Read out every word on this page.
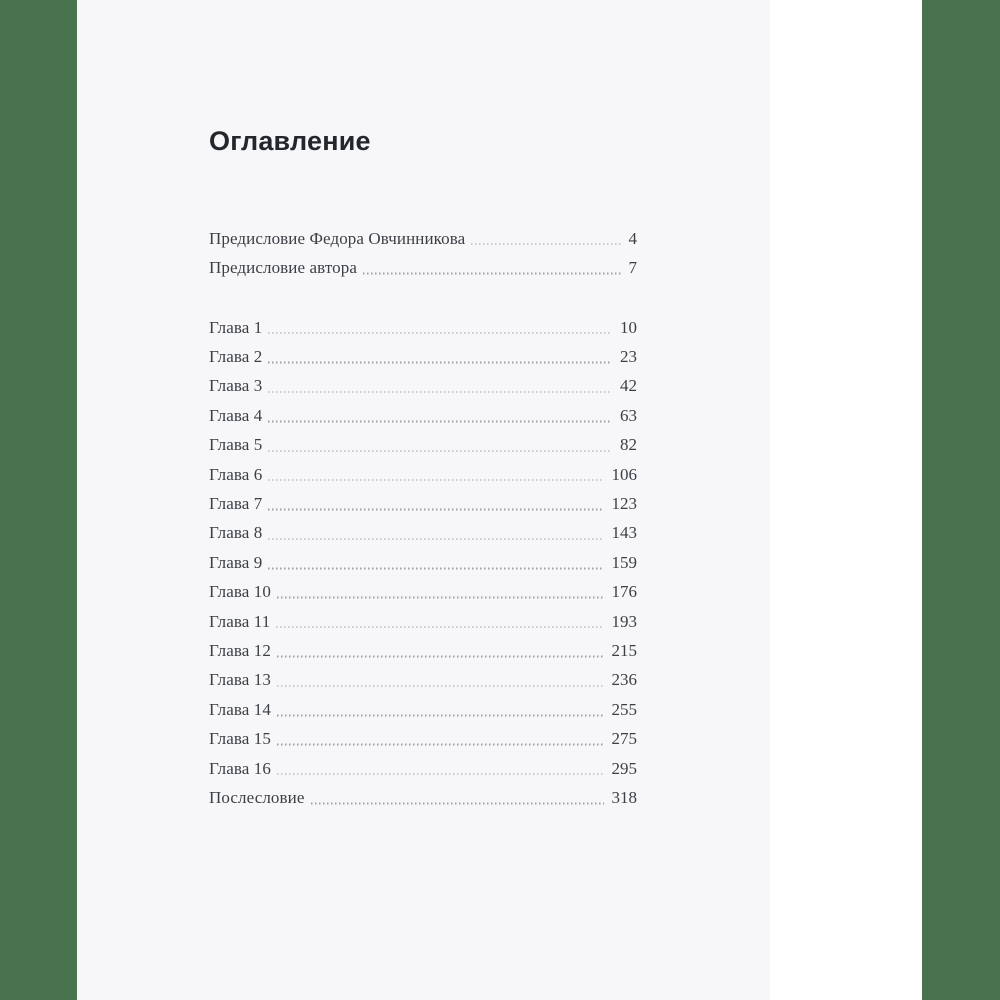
Оглавление
Предисловие Федора Овчинникова	4
Предисловие автора	7
Глава 1	10
Глава 2	23
Глава 3	42
Глава 4	63
Глава 5	82
Глава 6	106
Глава 7	123
Глава 8	143
Глава 9	159
Глава 10	176
Глава 11	193
Глава 12	215
Глава 13	236
Глава 14	255
Глава 15	275
Глава 16	295
Послесловие	318
